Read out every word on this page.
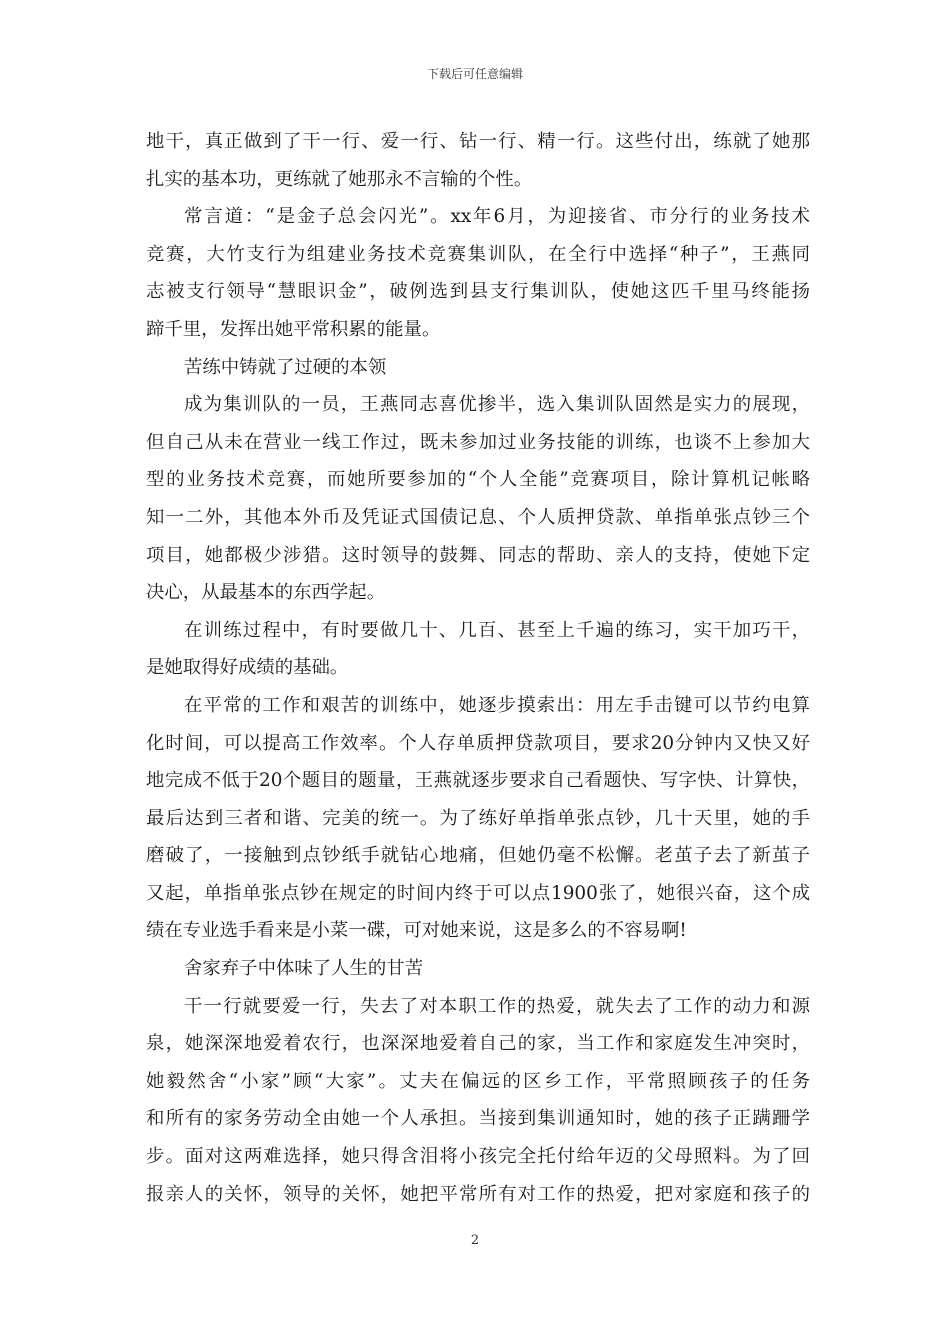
下载后可任意编辑
地干，真正做到了干一行、爱一行、钻一行、精一行。这些付出，练就了她那
扎实的基本功，更练就了她那永不言输的个性。
常言道：“是金子总会闪光”。xx年6月，为迎接省、市分行的业务技术
竞赛，大竹支行为组建业务技术竞赛集训队，在全行中选择“种子”，王燕同
志被支行领导“慧眼识金”，破例选到县支行集训队，使她这匹千里马终能扬
蹄千里，发挥出她平常积累的能量。
苦练中铸就了过硬的本领
成为集训队的一员，王燕同志喜优掺半，选入集训队固然是实力的展现，
但自己从未在营业一线工作过，既未参加过业务技能的训练，也谈不上参加大
型的业务技术竞赛，而她所要参加的“个人全能”竞赛项目，除计算机记帐略
知一二外，其他本外币及凭证式国债记息、个人质押贷款、单指单张点钞三个
项目，她都极少涉猎。这时领导的鼓舞、同志的帮助、亲人的支持，使她下定
决心，从最基本的东西学起。
在训练过程中，有时要做几十、几百、甚至上千遍的练习，实干加巧干，
是她取得好成绩的基础。
在平常的工作和艰苦的训练中，她逐步摸索出：用左手击键可以节约电算
化时间，可以提高工作效率。个人存单质押贷款项目，要求20分钟内又快又好
地完成不低于20个题目的题量，王燕就逐步要求自己看题快、写字快、计算快，
最后达到三者和谐、完美的统一。为了练好单指单张点钞，几十天里，她的手
磨破了，一接触到点钞纸手就钻心地痛，但她仍毫不松懈。老茧子去了新茧子
又起，单指单张点钞在规定的时间内终于可以点1900张了，她很兴奋，这个成
绩在专业选手看来是小菜一碟，可对她来说，这是多么的不容易啊!
舍家弃子中体味了人生的甘苦
干一行就要爱一行，失去了对本职工作的热爱，就失去了工作的动力和源
泉，她深深地爱着农行，也深深地爱着自己的家，当工作和家庭发生冲突时，
她毅然舍“小家”顾“大家”。丈夫在偏远的区乡工作，平常照顾孩子的任务
和所有的家务劳动全由她一个人承担。当接到集训通知时，她的孩子正蹒跚学
步。面对这两难选择，她只得含泪将小孩完全托付给年迈的父母照料。为了回
报亲人的关怀，领导的关怀，她把平常所有对工作的热爱，把对家庭和孩子的
2
